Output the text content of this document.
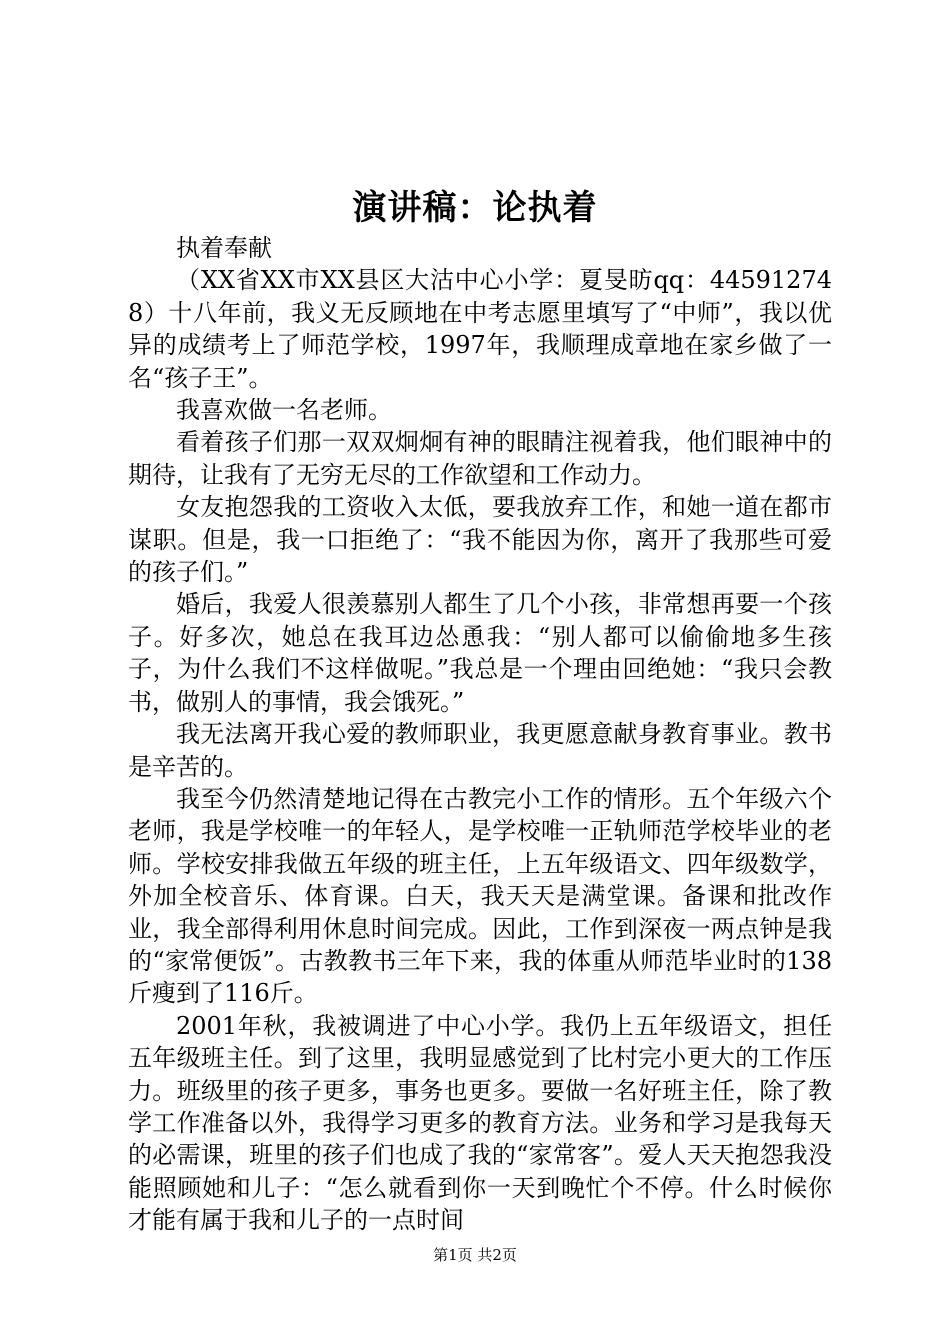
演讲稿：论执着

执着奉献

（XX省XX市XX县区大沽中心小学：夏旻昉qq：445912748）十八年前，我义无反顾地在中考志愿里填写了“中师”，我以优异的成绩考上了师范学校，1997年，我顺理成章地在家乡做了一名“孩子王”。

我喜欢做一名老师。

看着孩子们那一双双炯炯有神的眼睛注视着我，他们眼神中的期待，让我有了无穷无尽的工作欲望和工作动力。

女友抱怨我的工资收入太低，要我放弃工作，和她一道在都市谋职。但是，我一口拒绝了：“我不能因为你，离开了我那些可爱的孩子们。”

婚后，我爱人很羡慕别人都生了几个小孩，非常想再要一个孩子。好多次，她总在我耳边怂恿我：“别人都可以偷偷地多生孩子，为什么我们不这样做呢。”我总是一个理由回绝她：“我只会教书，做别人的事情，我会饿死。”

我无法离开我心爱的教师职业，我更愿意献身教育事业。教书是辛苦的。

我至今仍然清楚地记得在古教完小工作的情形。五个年级六个老师，我是学校唯一的年轻人，是学校唯一正轨师范学校毕业的老师。学校安排我做五年级的班主任，上五年级语文、四年级数学，外加全校音乐、体育课。白天，我天天是满堂课。备课和批改作业，我全部得利用休息时间完成。因此，工作到深夜一两点钟是我的“家常便饭”。古教教书三年下来，我的体重从师范毕业时的138斤瘦到了116斤。

2001年秋，我被调进了中心小学。我仍上五年级语文，担任五年级班主任。到了这里，我明显感觉到了比村完小更大的工作压力。班级里的孩子更多，事务也更多。要做一名好班主任，除了教学工作准备以外，我得学习更多的教育方法。业务和学习是我每天的必需课，班里的孩子们也成了我的“家常客”。爱人天天抱怨我没能照顾她和儿子：“怎么就看到你一天到晚忙个不停。什么时候你才能有属于我和儿子的一点时间

第1页 共2页
